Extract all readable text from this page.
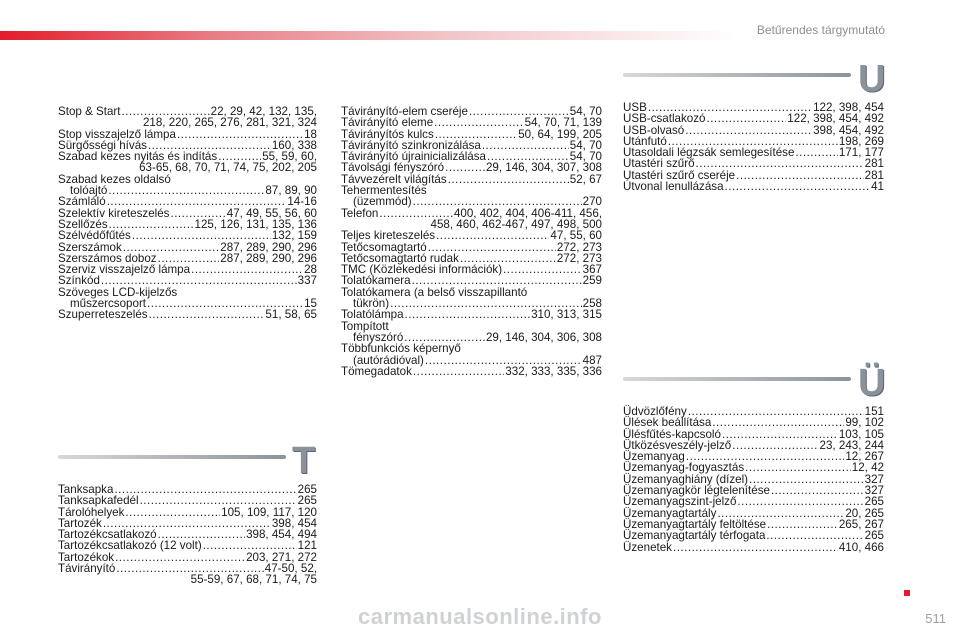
Betűrendes tárgymutató
Stop & Start .....	22, 29, 42, 132, 135,
218, 220, 265, 276, 281, 321, 324
Stop visszajelző lámpa .....	18
Sürgősségi hívás .....	160, 338
Szabad kezes nyitás és indítás .....	55, 59, 60,
63-65, 68, 70, 71, 74, 75, 202, 205
Szabad kezes oldalsó
tolóajtó .....	87, 89, 90
Számláló .....	14-16
Szelektív kireteszelés .....	47, 49, 55, 56, 60
Szellőzés .....	125, 126, 131, 135, 136
Szélvédőfűtés .....	132, 159
Szerszámok .....	287, 289, 290, 296
Szerszámos doboz .....	287, 289, 290, 296
Szerviz visszajelző lámpa .....	28
Színkód .....	337
Szöveges LCD-kijelzős
műszercsoport .....	15
Szuperreteszelés .....	51, 58, 65
Távirányító-elem cseréje .....	54, 70
Távirányító eleme .....	54, 70, 71, 139
Távirányítós kulcs .....	50, 64, 199, 205
Távirányító szinkronizálása .....	54, 70
Távirányító újrainicializálása .....	54, 70
Távolsági fényszóró .....	29, 146, 304, 307, 308
Távvezérelt világítás .....	52, 67
Tehermentesítés
(üzemmód) .....	270
Telefon .....	400, 402, 404, 406-411, 456,
458, 460, 462-467, 497, 498, 500
Teljes kireteszelés .....	47, 55, 60
Tetőcsomagtartó .....	272, 273
Tetőcsomagtartó rudak .....	272, 273
TMC (Közlekedési információk) .....	367
Tolatókamera .....	259
Tolatókamera (a belső visszapillantó
tükrön) .....	258
Tolatólámpa .....	310, 313, 315
Tompított
fényszóró .....	29, 146, 304, 306, 308
Többfunkciós képernyő
(autórádióval) .....	487
Tömegadatok .....	332, 333, 335, 336
USB .....	122, 398, 454
USB-csatlakozó .....	122, 398, 454, 492
USB-olvasó .....	398, 454, 492
Utánfutó .....	198, 269
Utasoldali légzsák semlegesítése .....	171, 177
Utastéri szűrő .....	281
Utastéri szűrő cseréje .....	281
Útvonal lenullázása .....	41
Üdvözlőfény .....	151
Ülések beállítása .....	99, 102
Ülésfűtés-kapcsoló .....	103, 105
Ütközésveszély-jelző .....	23, 243, 244
Üzemanyag .....	12, 267
Üzemanyag-fogyasztás .....	12, 42
Üzemanyaghiány (dízel) .....	327
Üzemanyagkör légtelenítése .....	327
Üzemanyagszint-jelző .....	265
Üzemanyagtartály .....	20, 265
Üzemanyagtartály feltöltése .....	265, 267
Üzemanyagtartály térfogata .....	265
Üzenetek .....	410, 466
Tanksapka .....	265
Tanksapkafedél .....	265
Tárolóhelyek .....	105, 109, 117, 120
Tartozék .....	398, 454
Tartozékcsatlakozó .....	398, 454, 494
Tartozékcsatlakozó (12 volt) .....	121
Tartozékok .....	203, 271, 272
Távirányító .....	47-50, 52,
55-59, 67, 68, 71, 74, 75
U
Ü
T
carmanualsonline.info	511
